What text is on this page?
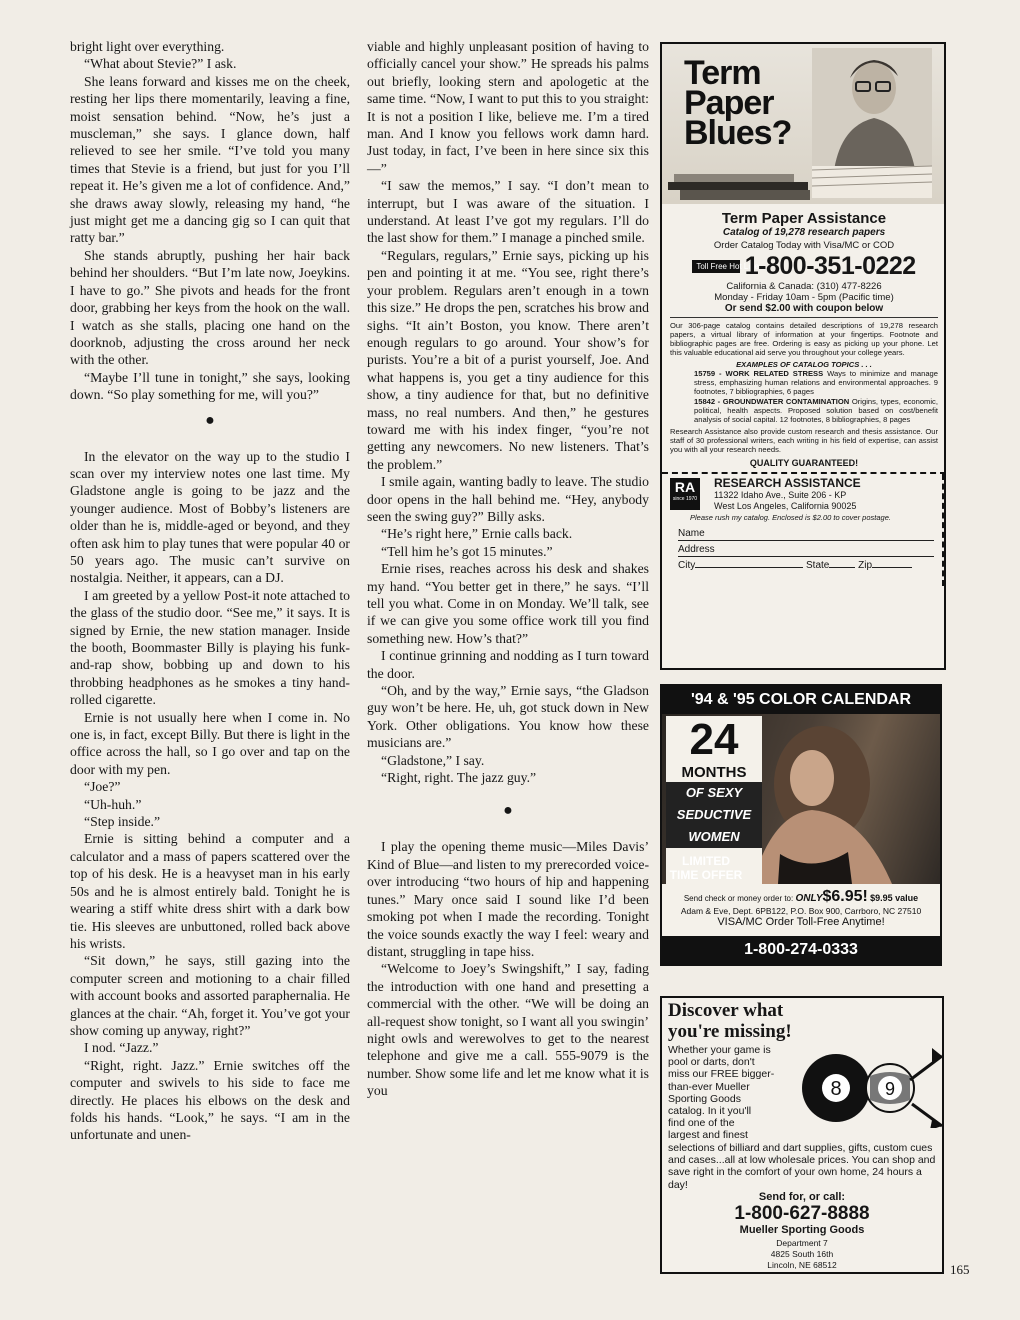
bright light over everything.

“What about Stevie?” I ask.

She leans forward and kisses me on the cheek, resting her lips there momentarily, leaving a fine, moist sensation behind. “Now, he’s just a muscleman,” she says. I glance down, half relieved to see her smile. “I’ve told you many times that Stevie is a friend, but just for you I’ll repeat it. He’s given me a lot of confidence. And,” she draws away slowly, releasing my hand, “he just might get me a dancing gig so I can quit that ratty bar.”

She stands abruptly, pushing her hair back behind her shoulders. “But I’m late now, Joeykins. I have to go.” She pivots and heads for the front door, grabbing her keys from the hook on the wall. I watch as she stalls, placing one hand on the doorknob, adjusting the cross around her neck with the other.

“Maybe I’ll tune in tonight,” she says, looking down. “So play something for me, will you?”

●

In the elevator on the way up to the studio I scan over my interview notes one last time. My Gladstone angle is going to be jazz and the younger audience. Most of Bobby’s listeners are older than he is, middle-aged or beyond, and they often ask him to play tunes that were popular 40 or 50 years ago. The music can’t survive on nostalgia. Neither, it appears, can a DJ.

I am greeted by a yellow Post-it note attached to the glass of the studio door. “See me,” it says. It is signed by Ernie, the new station manager. Inside the booth, Boommaster Billy is playing his funk-and-rap show, bobbing up and down to his throbbing headphones as he smokes a tiny hand-rolled cigarette.

Ernie is not usually here when I come in. No one is, in fact, except Billy. But there is light in the office across the hall, so I go over and tap on the door with my pen.

“Joe?”

“Uh-huh.”

“Step inside.”

Ernie is sitting behind a computer and a calculator and a mass of papers scattered over the top of his desk. He is a heavyset man in his early 50s and he is almost entirely bald. Tonight he is wearing a stiff white dress shirt with a dark bow tie. His sleeves are unbuttoned, rolled back above his wrists.

“Sit down,” he says, still gazing into the computer screen and motioning to a chair filled with account books and assorted paraphernalia. He glances at the chair. “Ah, forget it. You’ve got your show coming up anyway, right?”

I nod. “Jazz.”

“Right, right. Jazz.” Ernie switches off the computer and swivels to his side to face me directly. He places his elbows on the desk and folds his hands. “Look,” he says. “I am in the unfortunate and unen-

viable and highly unpleasant position of having to officially cancel your show.” He spreads his palms out briefly, looking stern and apologetic at the same time. “Now, I want to put this to you straight: It is not a position I like, believe me. I’m a tired man. And I know you fellows work damn hard. Just today, in fact, I’ve been in here since six this—”

“I saw the memos,” I say. “I don’t mean to interrupt, but I was aware of the situation. I understand. At least I’ve got my regulars. I’ll do the last show for them.” I manage a pinched smile.

“Regulars, regulars,” Ernie says, picking up his pen and pointing it at me. “You see, right there’s your problem. Regulars aren’t enough in a town this size.” He drops the pen, scratches his brow and sighs. “It ain’t Boston, you know. There aren’t enough regulars to go around. Your show’s for purists. You’re a bit of a purist yourself, Joe. And what happens is, you get a tiny audience for this show, a tiny audience for that, but no definitive mass, no real numbers. And then,” he gestures toward me with his index finger, “you’re not getting any newcomers. No new listeners. That’s the problem.”

I smile again, wanting badly to leave. The studio door opens in the hall behind me. “Hey, anybody seen the swing guy?” Billy asks.

“He’s right here,” Ernie calls back.

“Tell him he’s got 15 minutes.”

Ernie rises, reaches across his desk and shakes my hand. “You better get in there,” he says. “I’ll tell you what. Come in on Monday. We’ll talk, see if we can give you some office work till you find something new. How’s that?”

I continue grinning and nodding as I turn toward the door.

“Oh, and by the way,” Ernie says, “the Gladson guy won’t be here. He, uh, got stuck down in New York. Other obligations. You know how these musicians are.”

“Gladstone,” I say.

“Right, right. The jazz guy.”

●

I play the opening theme music—Miles Davis’ Kind of Blue—and listen to my prerecorded voice-over introducing “two hours of hip and happening tunes.” Mary once said I sound like I’d been smoking pot when I made the recording. Tonight the voice sounds exactly the way I feel: weary and distant, struggling in tape hiss.

“Welcome to Joey’s Swingshift,” I say, fading the introduction with one hand and presetting a commercial with the other. “We will be doing an all-request show tonight, so I want all you swingin’ night owls and werewolves to get to the nearest telephone and give me a call. 555-9079 is the number. Show some life and let me know what it is you

165
Term
Paper
Blues?
Term Paper Assistance
Catalog of 19,278 research papers
Order Catalog Today with Visa/MC or COD
Toll Free Hot Line 1-800-351-0222
California & Canada: (310) 477-8226
Monday - Friday 10am - 5pm (Pacific time)
Or send $2.00 with coupon below
Our 306-page catalog contains detailed descriptions of 19,278 research papers, a virtual library of information at your fingertips. Footnote and bibliographic pages are free. Ordering is easy as picking up your phone. Let this valuable educational aid serve you throughout your college years.
EXAMPLES OF CATALOG TOPICS . . .
15759 - WORK RELATED STRESS Ways to minimize and manage stress, emphasizing human relations and environmental approaches. 9 footnotes, 7 bibliographies, 6 pages
15842 - GROUNDWATER CONTAMINATION Origins, types, economic, political, health aspects. Proposed solution based on cost/benefit analysis of social capital. 12 footnotes, 8 bibliographies, 8 pages
Research Assistance also provide custom research and thesis assistance. Our staff of 30 professional writers, each writing in his field of expertise, can assist you with all your research needs.
QUALITY GUARANTEED!
RA
since 1970
RESEARCH ASSISTANCE
11322 Idaho Ave., Suite 206 - KP
West Los Angeles, California 90025
Please rush my catalog. Enclosed is $2.00 to cover postage.
Name
Address
City	State	Zip
'94 & '95 COLOR CALENDAR
24
MONTHS
OF SEXY
SEDUCTIVE
WOMEN
LIMITED
TIME OFFER
Send check or money order to: ONLY$6.95! $9.95 value
Adam & Eve, Dept. 6PB122, P.O. Box 900, Carrboro, NC 27510
VISA/MC Order Toll-Free Anytime!
1-800-274-0333
Discover what
you're missing!
Whether your game is
pool or darts, don't
miss our FREE bigger-
than-ever Mueller
Sporting Goods
catalog. In it you'll
find one of the
largest and finest
8 9
selections of billiard and dart supplies, gifts, custom cues and cases...all at low wholesale prices. You can shop and save right in the comfort of your own home, 24 hours a day!
Send for, or call:
1-800-627-8888
Mueller Sporting Goods
Department 7
4825 South 16th
Lincoln, NE 68512
